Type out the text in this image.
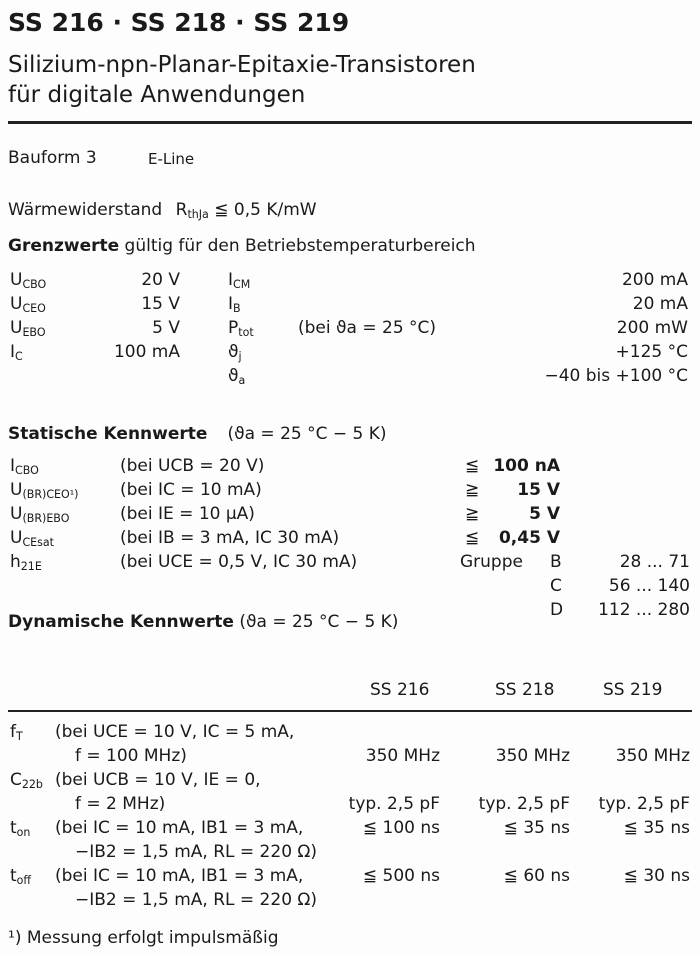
SS 216 · SS 218 · SS 219
Silizium-npn-Planar-Epitaxie-Transistoren
für digitale Anwendungen
Bauform 3	E-Line
Wärmewiderstand $R_{thJa}$ ≦ 0,5 K/mW
Grenzwerte gültig für den Betriebstemperaturbereich
$U_{CBO}$	20 V
$U_{CEO}$	15 V
$U_{EBO}$	5 V
$I_C$	100 mA
$I_{CM}$	200 mA
$I_B$	20 mA
$P_{tot}$	(bei ϑa = 25 °C)	200 mW
$ϑ_j$	+125 °C
$ϑ_a$	−40 bis +100 °C
Statische Kennwerte (ϑa = 25 °C − 5 K)
$I_{CBO}$	(bei UCB = 20 V)	≦ 100 nA
$U_{(BR)CEO^1)}$ (bei IC = 10 mA)	≧	15 V
$U_{(BR)EBO}$	(bei IE = 10 µA)	≧	5 V
$U_{CEsat}$	(bei IB = 3 mA, IC 30 mA)	≦	0,45 V
$h_{21E}$	(bei UCE = 0,5 V, IC 30 mA)	Gruppe B	28 ... 71
C	56 ... 140
D	112 ... 280
Dynamische Kennwerte (ϑa = 25 °C − 5 K)
SS 216	SS 218	SS 219
$f_T$ (bei UCE = 10 V, IC = 5 mA,
f = 100 MHz)	350 MHz	350 MHz	350 MHz
$C_{22b}$ (bei UCB = 10 V, IE = 0,
f = 2 MHz)	typ. 2,5 pF	typ. 2,5 pF	typ. 2,5 pF
$t_{on}$ (bei IC = 10 mA, IB1 = 3 mA,
−IB2 = 1,5 mA, RL = 220 Ω)
≦ 100 ns	≦ 35 ns	≦ 35 ns
$t_{off}$ (bei IC = 10 mA, IB1 = 3 mA,
−IB2 = 1,5 mA, RL = 220 Ω)
≦ 500 ns	≦ 60 ns	≦ 30 ns
¹) Messung erfolgt impulsmäßig
